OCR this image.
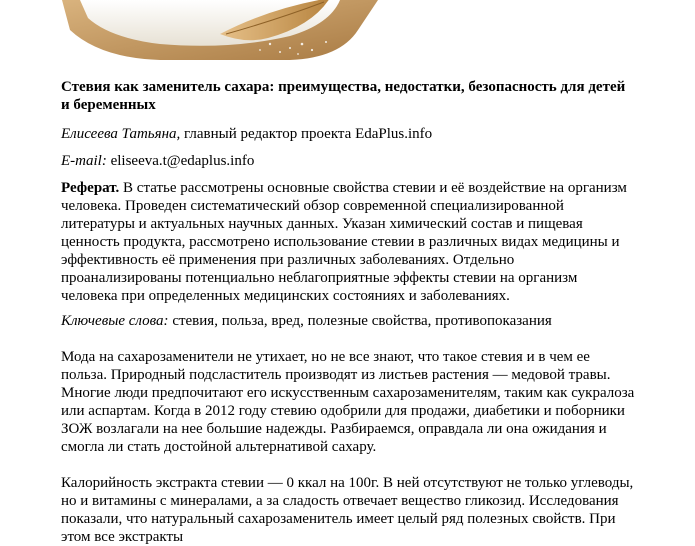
Стевия как заменитель сахара: преимущества, недостатки, безопасность для детей и беременных

Елисеева Татьяна, главный редактор проекта EdaPlus.info
E-mail: eliseeva.t@edaplus.info
Реферат. В статье рассмотрены основные свойства стевии и её воздействие на организм человека. Проведен систематический обзор современной специализированной литературы и актуальных научных данных. Указан химический состав и пищевая ценность продукта, рассмотрено использование стевии в различных видах медицины и эффективность её применения при различных заболеваниях. Отдельно проанализированы потенциально неблагоприятные эффекты стевии на организм человека при определенных медицинских состояниях и заболеваниях.
Ключевые слова: стевия, польза, вред, полезные свойства, противопоказания
Мода на сахарозаменители не утихает, но не все знают, что такое стевия и в чем ее польза. Природный подсластитель производят из листьев растения — медовой травы. Многие люди предпочитают его искусственным сахарозаменителям, таким как сукралоза или аспартам. Когда в 2012 году стевию одобрили для продажи, диабетики и поборники ЗОЖ возлагали на нее большие надежды. Разбираемся, оправдала ли она ожидания и смогла ли стать достойной альтернативой сахару.
Калорийность экстракта стевии — 0 ккал на 100г. В ней отсутствуют не только углеводы, но и витамины с минералами, а за сладость отвечает вещество гликозид. Исследования показали, что натуральный сахарозаменитель имеет целый ряд полезных свойств. При этом все экстракты
